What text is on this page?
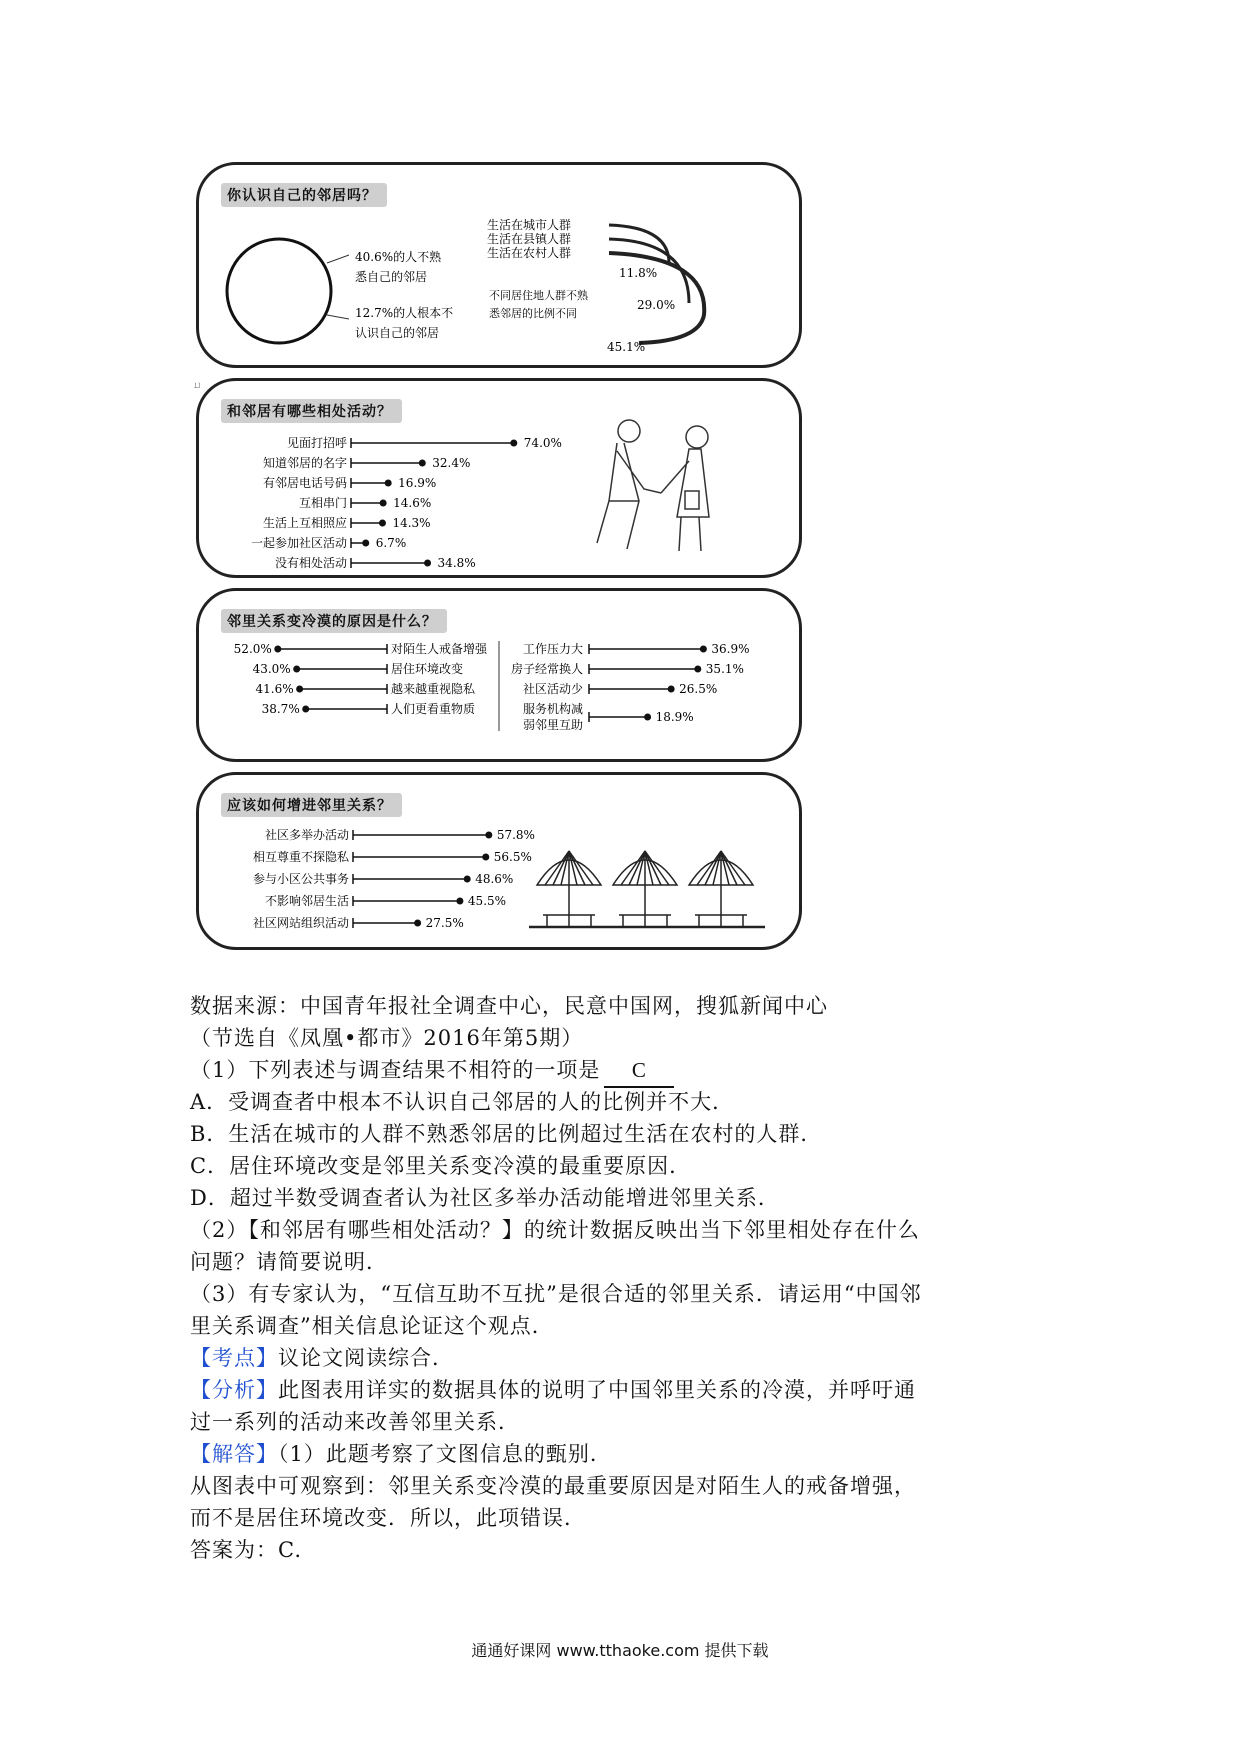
ㄩ
你认识自己的邻居吗？
40.6%的人不熟
悉自己的邻居
12.7%的人根本不
认识自己的邻居
生活在城市人群
生活在县镇人群
生活在农村人群
11.8%
29.0%
45.1%
不同居住地人群不熟
悉邻居的比例不同
和邻居有哪些相处活动？
见面打招呼	74.0%
知道邻居的名字	32.4%
有邻居电话号码	16.9%
互相串门	14.6%
生活上互相照应	14.3%
一起参加社区活动 6.7%
没有相处活动	34.8%
邻里关系变冷漠的原因是什么？
52.0%	对陌生人戒备增强
43.0%	居住环境改变
41.6%	越来越重视隐私
38.7%	人们更看重物质
工作压力大	36.9%
房子经常换人	35.1%
社区活动少	26.5%
服务机构减
弱邻里互助
18.9%
应该如何增进邻里关系？
社区多举办活动	57.8%
相互尊重不探隐私	56.5%
参与小区公共事务	48.6%
不影响邻居生活	45.5%
社区网站组织活动	27.5%
数据来源：中国青年报社全调查中心，民意中国网，搜狐新闻中心
（节选自《凤凰•都市》2016年第5期）
（1）下列表述与调查结果不相符的一项是 C
A．受调查者中根本不认识自己邻居的人的比例并不大．
B．生活在城市的人群不熟悉邻居的比例超过生活在农村的人群．
C．居住环境改变是邻里关系变冷漠的最重要原因．
D．超过半数受调查者认为社区多举办活动能增进邻里关系．
（2）【和邻居有哪些相处活动？】的统计数据反映出当下邻里相处存在什么
问题？请简要说明．
（3）有专家认为，“互信互助不互扰”是很合适的邻里关系．请运用“中国邻
里关系调查”相关信息论证这个观点．
【考点】议论文阅读综合．
【分析】此图表用详实的数据具体的说明了中国邻里关系的冷漠，并呼吁通
过一系列的活动来改善邻里关系．
【解答】（1）此题考察了文图信息的甄别．
从图表中可观察到：邻里关系变冷漠的最重要原因是对陌生人的戒备增强，
而不是居住环境改变．所以，此项错误．
答案为：C.
通通好课网 www.tthaoke.com 提供下载
